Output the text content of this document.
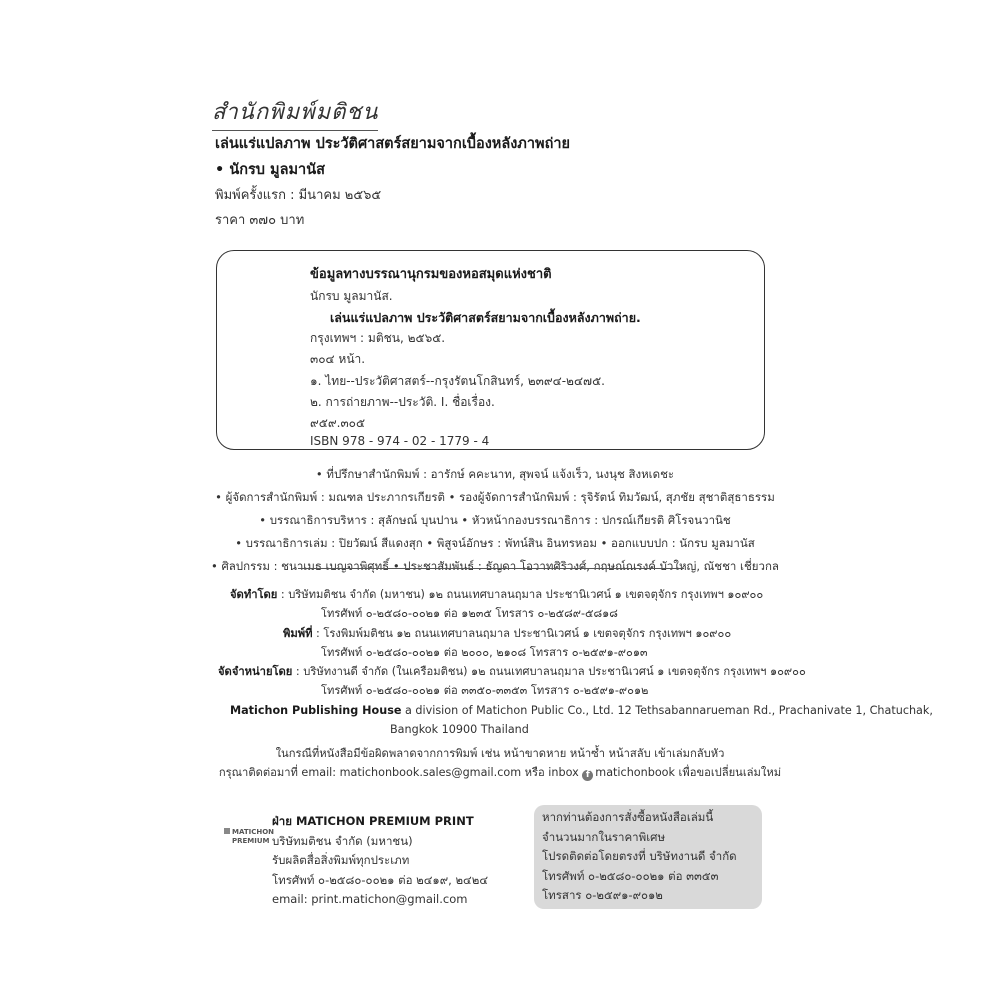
สำนักพิมพ์มติชน
เล่นแร่แปลภาพ ประวัติศาสตร์สยามจากเบื้องหลังภาพถ่าย
• นักรบ มูลมานัส
พิมพ์ครั้งแรก : มีนาคม ๒๕๖๕
ราคา ๓๗๐ บาท
ข้อมูลทางบรรณานุกรมของหอสมุดแห่งชาติ
นักรบ มูลมานัส.
เล่นแร่แปลภาพ ประวัติศาสตร์สยามจากเบื้องหลังภาพถ่าย.
กรุงเทพฯ : มติชน, ๒๕๖๕.
๓๐๔ หน้า.
๑. ไทย--ประวัติศาสตร์--กรุงรัตนโกสินทร์, ๒๓๙๔-๒๔๗๕.
๒. การถ่ายภาพ--ประวัติ. I. ชื่อเรื่อง.
๙๕๙.๓๐๕
ISBN 978 - 974 - 02 - 1779 - 4
• ที่ปรึกษาสำนักพิมพ์ : อารักษ์ คคะนาท, สุพจน์ แจ้งเร็ว, นงนุช สิงหเดชะ
• ผู้จัดการสำนักพิมพ์ : มณฑล ประภากรเกียรติ • รองผู้จัดการสำนักพิมพ์ : รุจิรัตน์ ทิมวัฒน์, สุภชัย สุชาติสุธาธรรม
• บรรณาธิการบริหาร : สุลักษณ์ บุนปาน • หัวหน้ากองบรรณาธิการ : ปกรณ์เกียรติ ศิโรจนวานิช
• บรรณาธิการเล่ม : ปิยวัฒน์ สีแดงสุก • พิสูจน์อักษร : พัทน์สิน อินทรหอม • ออกแบบปก : นักรบ มูลมานัส
• ศิลปกรรม : ชนาเมธ เบญจาพิศุทธิ์ • ประชาสัมพันธ์ : ธัญดา โอวาทศิริวงศ์, กฤษณ์ณรงค์ บัวใหญ่, ณัชชา เชี่ยวกล
จัดทำโดย : บริษัทมติชน จำกัด (มหาชน) ๑๒ ถนนเทศบาลนฤมาล ประชานิเวศน์ ๑ เขตจตุจักร กรุงเทพฯ ๑๐๙๐๐
โทรศัพท์ ๐-๒๕๘๐-๐๐๒๑ ต่อ ๑๒๓๕ โทรสาร ๐-๒๕๘๙-๕๘๑๘
พิมพ์ที่ : โรงพิมพ์มติชน ๑๒ ถนนเทศบาลนฤมาล ประชานิเวศน์ ๑ เขตจตุจักร กรุงเทพฯ ๑๐๙๐๐
โทรศัพท์ ๐-๒๕๘๐-๐๐๒๑ ต่อ ๒๐๐๐, ๒๑๐๘ โทรสาร ๐-๒๕๙๑-๙๐๑๓
จัดจำหน่ายโดย : บริษัทงานดี จำกัด (ในเครือมติชน) ๑๒ ถนนเทศบาลนฤมาล ประชานิเวศน์ ๑ เขตจตุจักร กรุงเทพฯ ๑๐๙๐๐
โทรศัพท์ ๐-๒๕๘๐-๐๐๒๑ ต่อ ๓๓๕๐-๓๓๕๓ โทรสาร ๐-๒๕๙๑-๙๐๑๒
Matichon Publishing House a division of Matichon Public Co., Ltd. 12 Tethsabannarueman Rd., Prachanivate 1, Chatuchak,
Bangkok 10900 Thailand
ในกรณีที่หนังสือมีข้อผิดพลาดจากการพิมพ์ เช่น หน้าขาดหาย หน้าซ้ำ หน้าสลับ เข้าเล่มกลับหัว
กรุณาติดต่อมาที่ email: matichonbook.sales@gmail.com หรือ inbox f matichonbook เพื่อขอเปลี่ยนเล่มใหม่
MATICHON
PREMIUM
ฝ่าย MATICHON PREMIUM PRINT
บริษัทมติชน จำกัด (มหาชน)
รับผลิตสื่อสิ่งพิมพ์ทุกประเภท
โทรศัพท์ ๐-๒๕๘๐-๐๐๒๑ ต่อ ๒๔๑๙, ๒๔๒๔
email: print.matichon@gmail.com
หากท่านต้องการสั่งซื้อหนังสือเล่มนี้
จำนวนมากในราคาพิเศษ
โปรดติดต่อโดยตรงที่ บริษัทงานดี จำกัด
โทรศัพท์ ๐-๒๕๘๐-๐๐๒๑ ต่อ ๓๓๕๓
โทรสาร ๐-๒๕๙๑-๙๐๑๒
